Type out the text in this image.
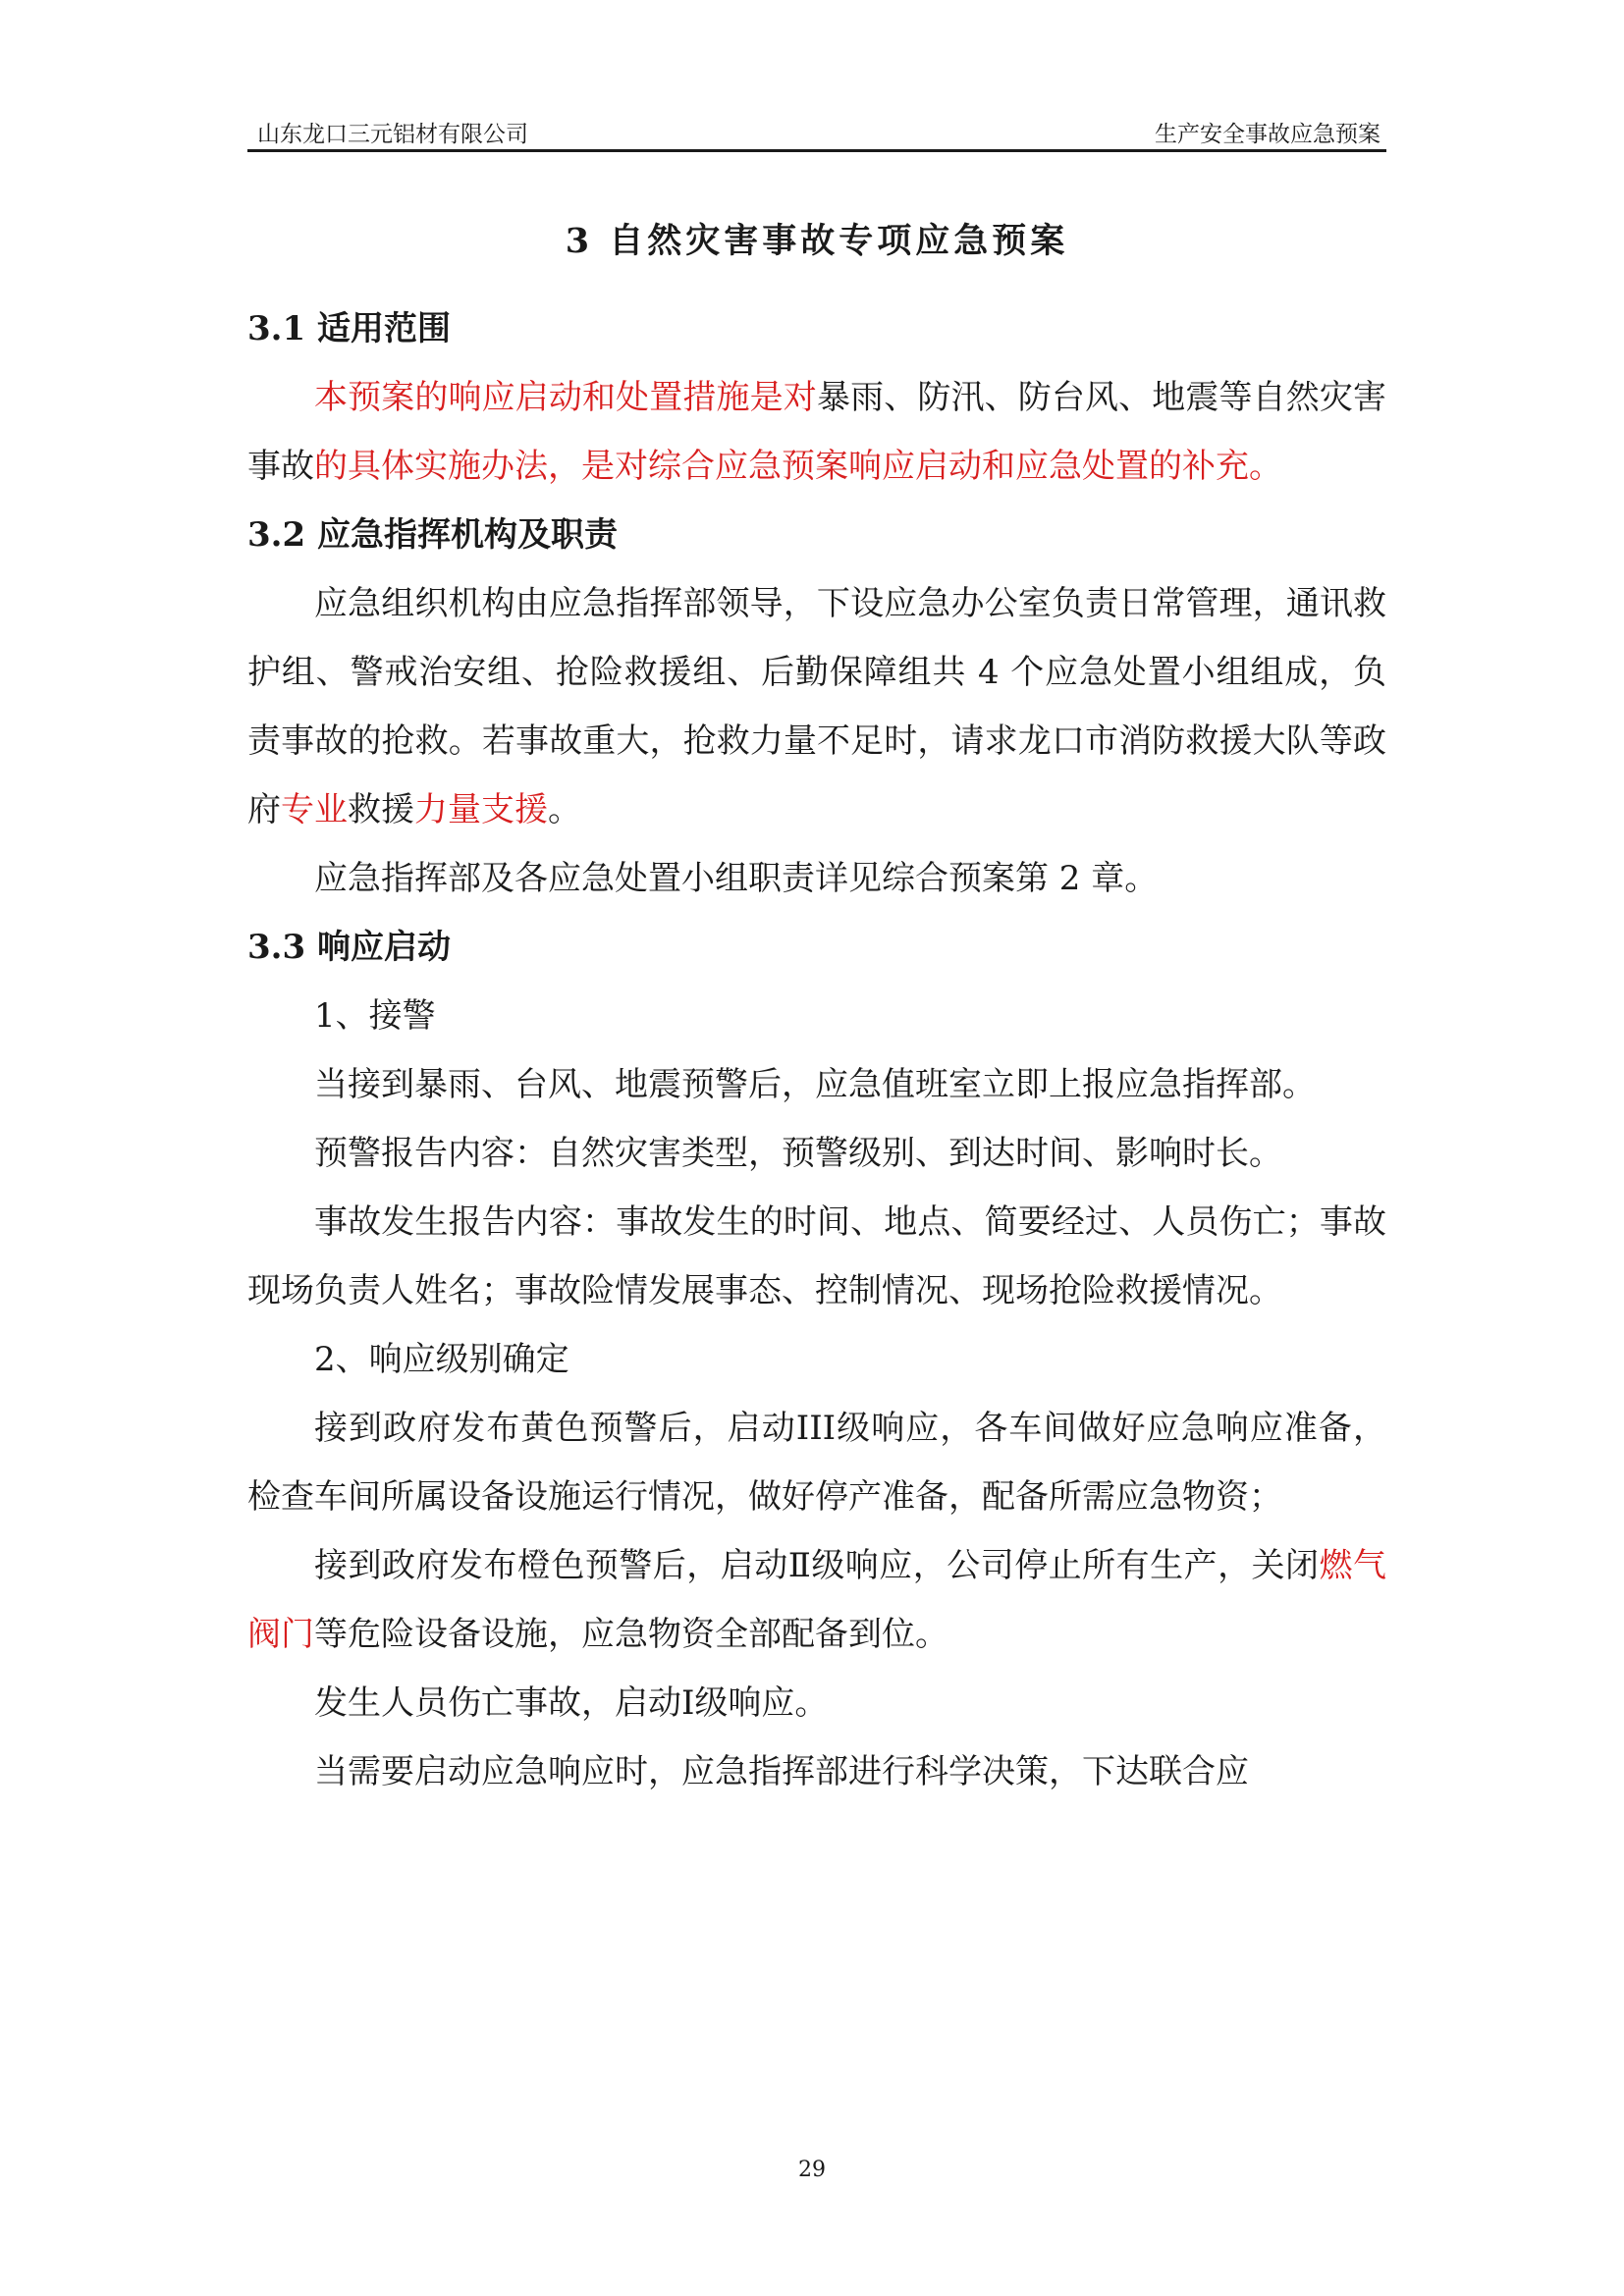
山东龙口三元铝材有限公司	生产安全事故应急预案
3 自然灾害事故专项应急预案
3.1 适用范围

本预案的响应启动和处置措施是对暴雨、防汛、防台风、地震等自然灾害事故的具体实施办法，是对综合应急预案响应启动和应急处置的补充。

3.2 应急指挥机构及职责

应急组织机构由应急指挥部领导，下设应急办公室负责日常管理，通讯救护组、警戒治安组、抢险救援组、后勤保障组共 4 个应急处置小组组成，负责事故的抢救。若事故重大，抢救力量不足时，请求龙口市消防救援大队等政府专业救援力量支援。

应急指挥部及各应急处置小组职责详见综合预案第 2 章。

3.3 响应启动

1、接警

当接到暴雨、台风、地震预警后，应急值班室立即上报应急指挥部。

预警报告内容：自然灾害类型，预警级别、到达时间、影响时长。

事故发生报告内容：事故发生的时间、地点、简要经过、人员伤亡；事故现场负责人姓名；事故险情发展事态、控制情况、现场抢险救援情况。

2、响应级别确定

接到政府发布黄色预警后，启动III级响应，各车间做好应急响应准备，检查车间所属设备设施运行情况，做好停产准备，配备所需应急物资；

接到政府发布橙色预警后，启动Ⅱ级响应，公司停止所有生产，关闭燃气阀门等危险设备设施，应急物资全部配备到位。

发生人员伤亡事故，启动Ⅰ级响应。

当需要启动应急响应时，应急指挥部进行科学决策，下达联合应

29
